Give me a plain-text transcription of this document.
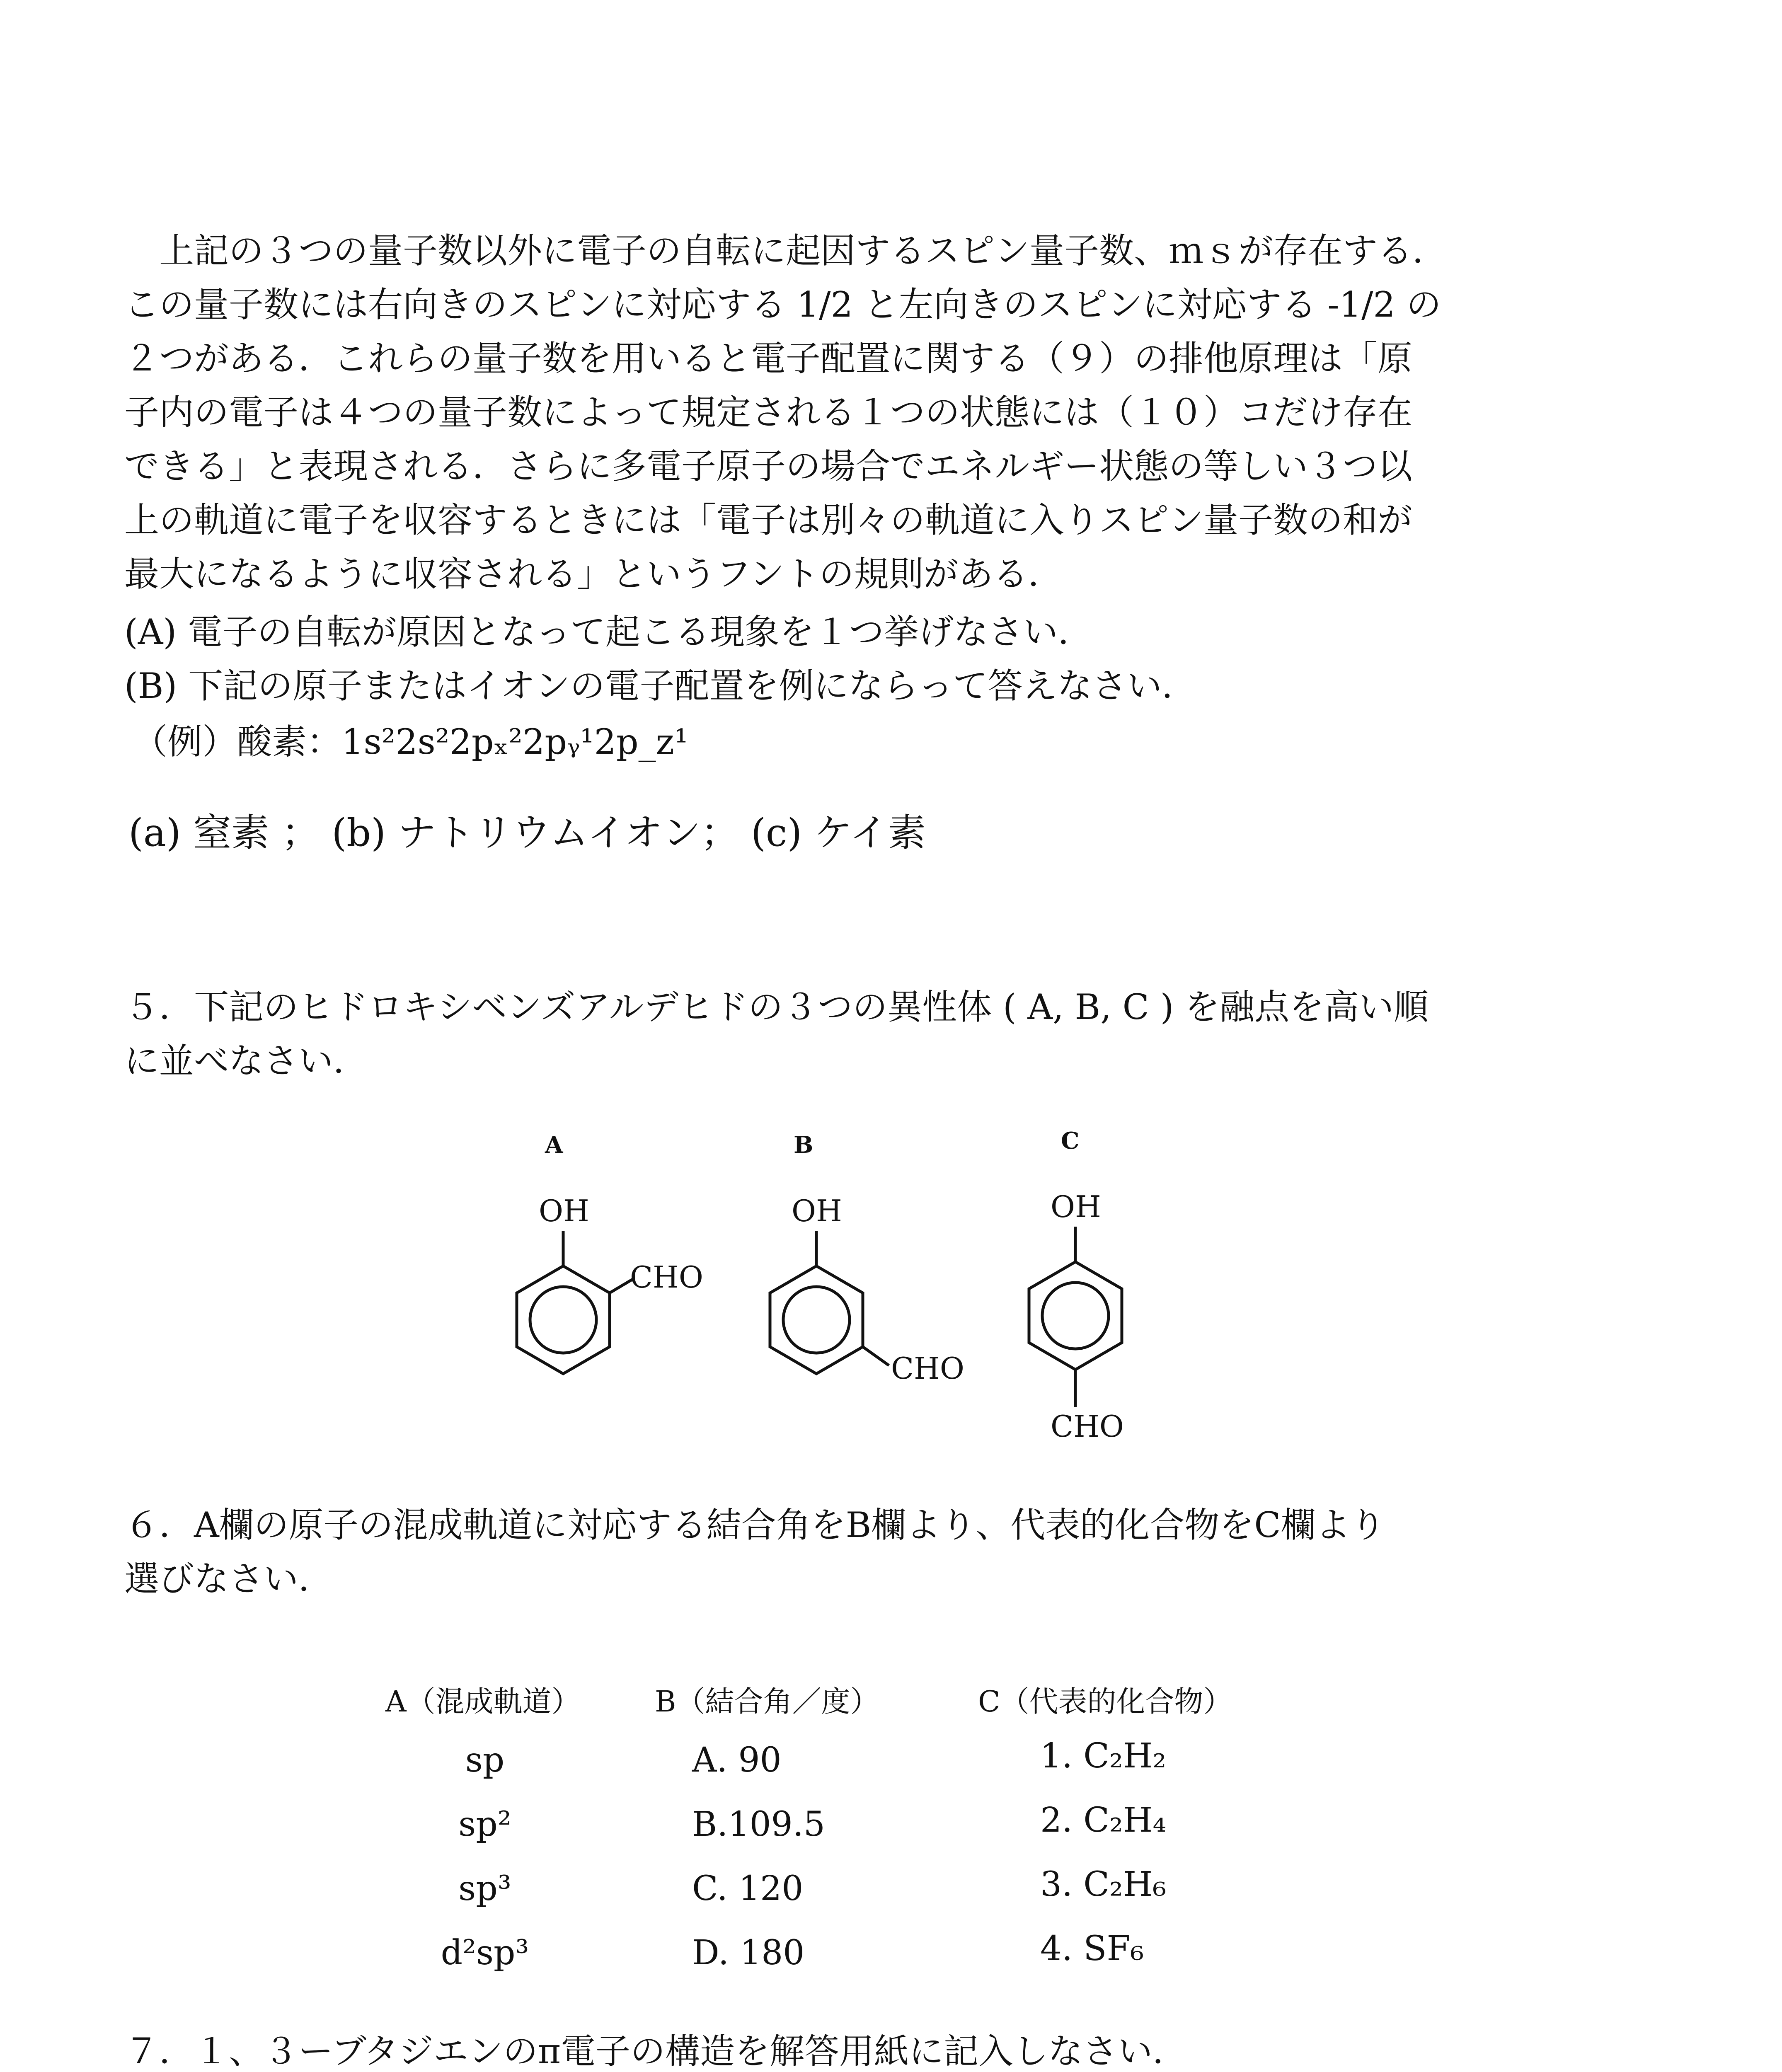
　上記の３つの量子数以外に電子の自転に起因するスピン量子数、ｍｓが存在する．
この量子数には右向きのスピンに対応する 1/2 と左向きのスピンに対応する -1/2 の
２つがある．これらの量子数を用いると電子配置に関する（９）の排他原理は「原
子内の電子は４つの量子数によって規定される１つの状態には（１０）コだけ存在
できる」と表現される．さらに多電子原子の場合でエネルギー状態の等しい３つ以
上の軌道に電子を収容するときには「電子は別々の軌道に入りスピン量子数の和が
最大になるように収容される」というフントの規則がある．
(A) 電子の自転が原因となって起こる現象を１つ挙げなさい．
(B) 下記の原子またはイオンの電子配置を例にならって答えなさい．
（例）酸素：1s²2s²2pₓ²2pᵧ¹2p_z¹
(a) 窒素 ； (b) ナトリウムイオン； (c) ケイ素
５．下記のヒドロキシベンズアルデヒドの３つの異性体 ( A, B, C ) を融点を高い順
に並べなさい．
A
OH
CHO
B
OH
CHO
C
OH
CHO
６．A欄の原子の混成軌道に対応する結合角をB欄より、代表的化合物をC欄より
選びなさい．
A（混成軌道）	B（結合角／度）	C（代表的化合物）
sp
sp²
sp³
d²sp³
A. 90
B.109.5
C. 120
D. 180
1. C₂H₂
2. C₂H₄
3. C₂H₆
4. SF₆
７．１、３ーブタジエンのπ電子の構造を解答用紙に記入しなさい．
